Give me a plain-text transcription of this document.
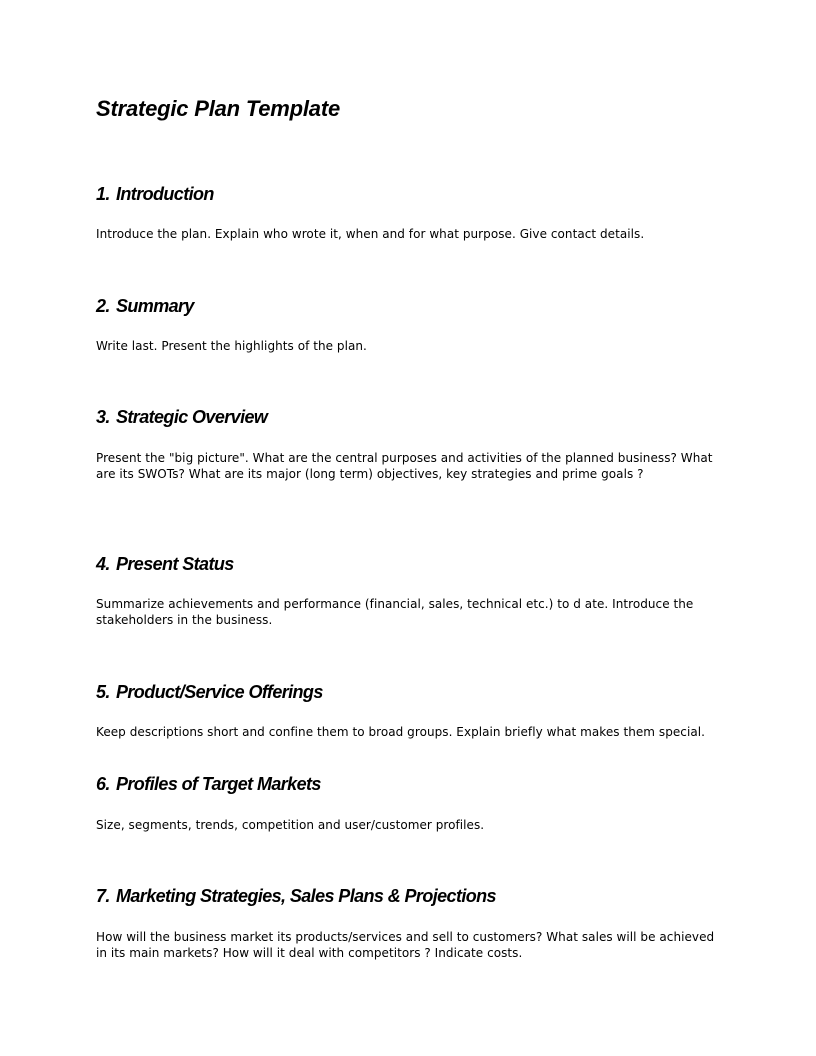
Strategic Plan Template
1. Introduction

Introduce the plan. Explain who wrote it, when and for what purpose. Give contact details.

2. Summary

Write last. Present the highlights of the plan.

3. Strategic Overview

Present the "big picture". What are the central purposes and activities of the planned business? What are its SWOTs? What are its major (long term) objectives, key strategies and prime goals ?

4. Present Status

Summarize achievements and performance (financial, sales, technical etc.) to d ate. Introduce the stakeholders in the business.

5. Product/Service Offerings

Keep descriptions short and confine them to broad groups. Explain briefly what makes them special.

6. Profiles of Target Markets

Size, segments, trends, competition and user/customer profiles.

7. Marketing Strategies, Sales Plans & Projections

How will the business market its products/services and sell to customers? What sales will be achieved in its main markets? How will it deal with competitors ? Indicate costs.
